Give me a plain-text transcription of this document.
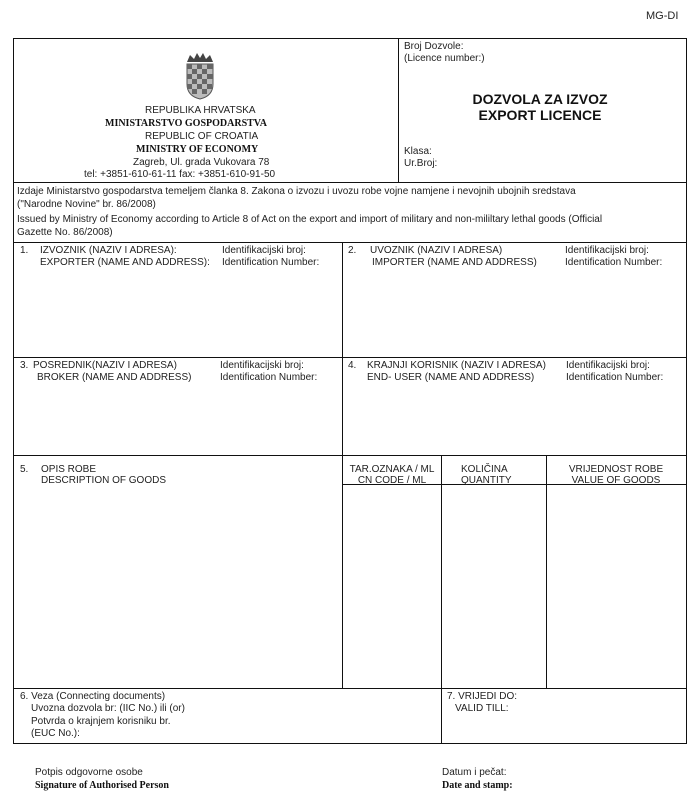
MG-DI
REPUBLIKA HRVATSKA
MINISTARSTVO GOSPODARSTVA
REPUBLIC OF CROATIA
MINISTRY OF ECONOMY
Zagreb, Ul. grada Vukovara 78
tel: +3851-610-61-11 fax: +3851-610-91-50
Broj Dozvole:
(Licence number:)
DOZVOLA ZA IZVOZ
EXPORT LICENCE
Klasa:
Ur.Broj:
Izdaje Ministarstvo gospodarstva temeljem članka 8. Zakona o izvozu i uvozu robe vojne namjene i nevojnih ubojnih sredstava
("Narodne Novine" br. 86/2008)
Issued by Ministry of Economy according to Article 8 of Act on the export and import of military and non-mililtary lethal goods (Official
Gazette No. 86/2008)
1. IZVOZNIK (NAZIV I ADRESA):
EXPORTER (NAME AND ADDRESS):
Identifikacijski broj:
Identification Number:
2. UVOZNIK (NAZIV I ADRESA)
IMPORTER (NAME AND ADDRESS)
Identifikacijski broj:
Identification Number:
3. POSREDNIK(NAZIV I ADRESA)
BROKER (NAME AND ADDRESS)
Identifikacijski broj:
Identification Number:
4. KRAJNJI KORISNIK (NAZIV I ADRESA)
END- USER (NAME AND ADDRESS)
Identifikacijski broj:
Identification Number:
5. OPIS ROBE
DESCRIPTION OF GOODS
TAR.OZNAKA / ML
CN CODE / ML
KOLIČINA
QUANTITY
VRIJEDNOST ROBE
VALUE OF GOODS
6. Veza (Connecting documents)
Uvozna dozvola br: (IIC No.) ili (or)
Potvrda o krajnjem korisniku br.
(EUC No.):
7. VRIJEDI DO:
VALID TILL:
Potpis odgovorne osobe
Signature of Authorised Person
Datum i pečat:
Date and stamp:
